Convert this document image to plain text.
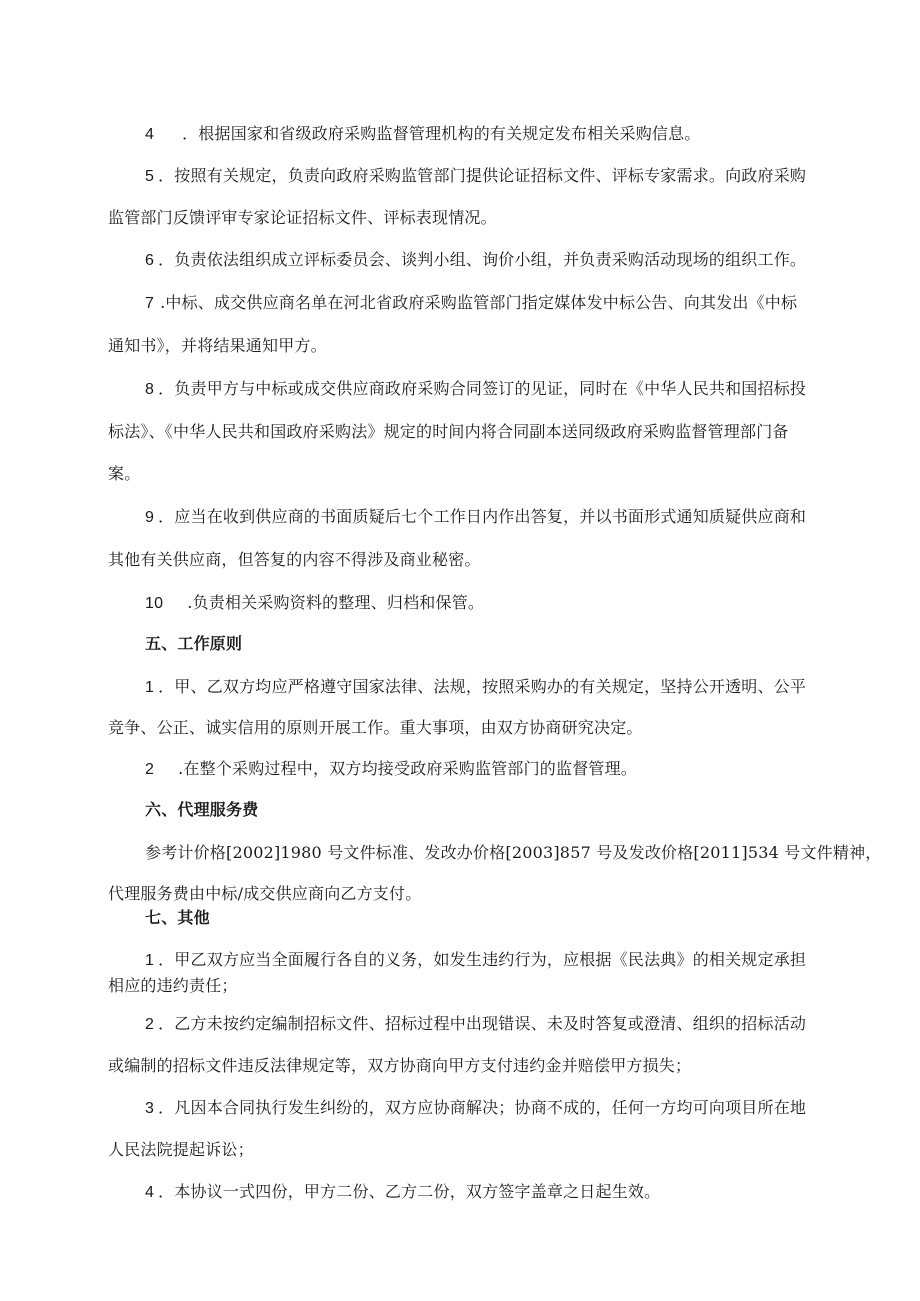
4 ．根据国家和省级政府采购监督管理机构的有关规定发布相关采购信息。
5 ．按照有关规定，负责向政府采购监管部门提供论证招标文件、评标专家需求。向政府采购
监管部门反馈评审专家论证招标文件、评标表现情况。
6 ．负责依法组织成立评标委员会、谈判小组、询价小组，并负责采购活动现场的组织工作。
7 .中标、成交供应商名单在河北省政府采购监管部门指定媒体发中标公告、向其发出《中标
通知书》，并将结果通知甲方。
8 ．负责甲方与中标或成交供应商政府采购合同签订的见证，同时在《中华人民共和国招标投
标法》、《中华人民共和国政府采购法》规定的时间内将合同副本送同级政府采购监督管理部门备
案。
9 ．应当在收到供应商的书面质疑后七个工作日内作出答复，并以书面形式通知质疑供应商和
其他有关供应商，但答复的内容不得涉及商业秘密。
10 .负责相关采购资料的整理、归档和保管。
五、工作原则
1 ．甲、乙双方均应严格遵守国家法律、法规，按照采购办的有关规定，坚持公开透明、公平
竞争、公正、诚实信用的原则开展工作。重大事项，由双方协商研究决定。
2 .在整个采购过程中，双方均接受政府采购监管部门的监督管理。
六、代理服务费
参考计价格[2002]1980 号文件标准、发改办价格[2003]857 号及发改价格[2011]534 号文件精神，
代理服务费由中标/成交供应商向乙方支付。
七、其他
1 ．甲乙双方应当全面履行各自的义务，如发生违约行为，应根据《民法典》的相关规定承担
相应的违约责任；
2 ．乙方未按约定编制招标文件、招标过程中出现错误、未及时答复或澄清、组织的招标活动
或编制的招标文件违反法律规定等，双方协商向甲方支付违约金并赔偿甲方损失；
3 ．凡因本合同执行发生纠纷的，双方应协商解决；协商不成的，任何一方均可向项目所在地
人民法院提起诉讼；
4 ．本协议一式四份，甲方二份、乙方二份，双方签字盖章之日起生效。
